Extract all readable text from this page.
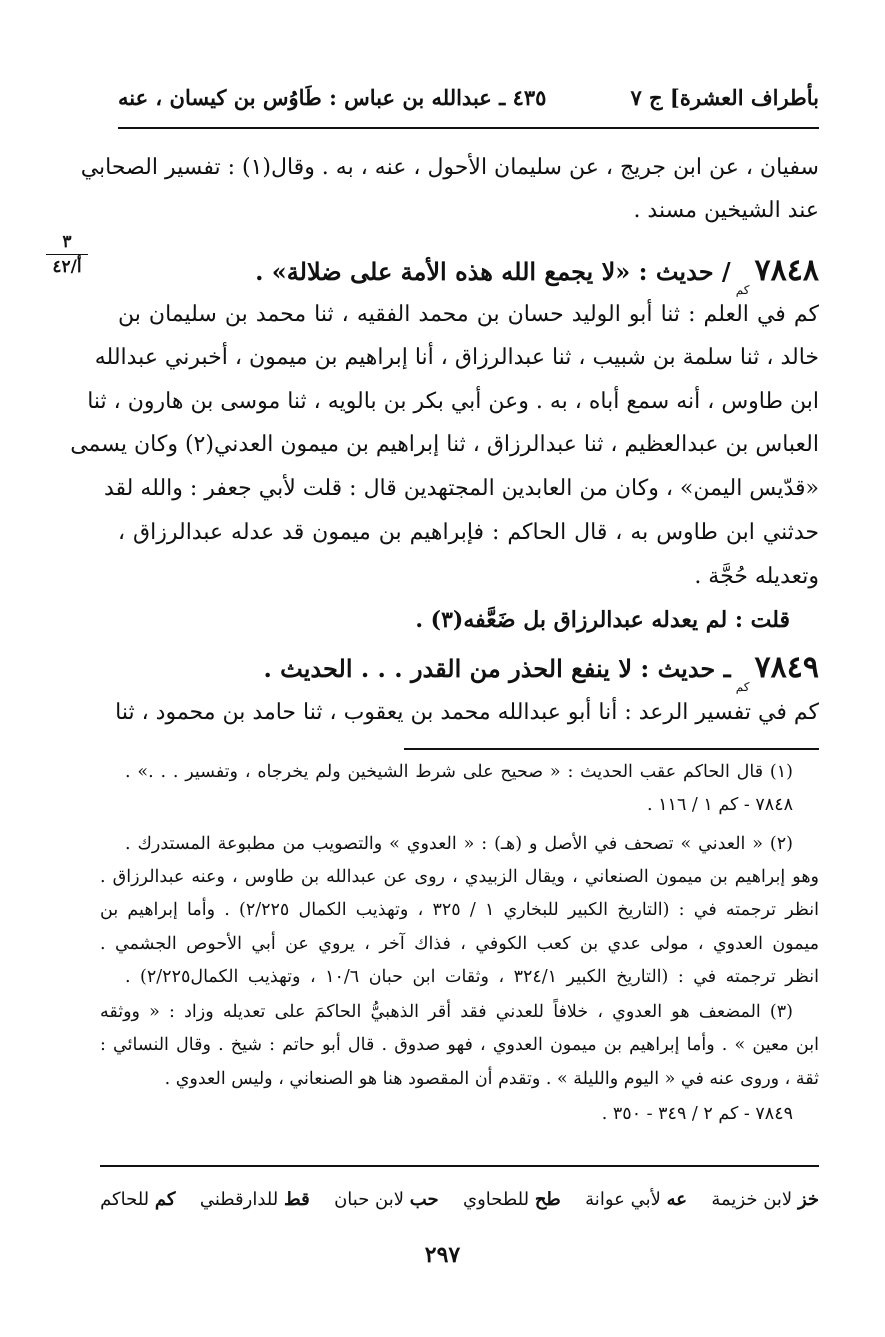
بأطراف العشرة] ج ٧
٤٣٥ ـ عبدالله بن عباس : طَاوُس بن كيسان ، عنه
سفيان ، عن ابن جريج ، عن سليمان الأحول ، عنه ، به . وقال(١) : تفسير الصحابي
عند الشيخين مسند .
٣
أ/٤٢	٧٨٤٨ $_{كم}$ / حديث : «لا يجمع الله هذه الأمة على ضلالة» .
كم في العلم : ثنا أبو الوليد حسان بن محمد الفقيه ، ثنا محمد بن سليمان بن
خالد ، ثنا سلمة بن شبيب ، ثنا عبدالرزاق ، أنا إبراهيم بن ميمون ، أخبرني عبدالله
ابن طاوس ، أنه سمع أباه ، به . وعن أبي بكر بن بالويه ، ثنا موسى بن هارون ، ثنا
العباس بن عبدالعظيم ، ثنا عبدالرزاق ، ثنا إبراهيم بن ميمون العدني(٢) وكان يسمى
«قدّيس اليمن» ، وكان من العابدين المجتهدين قال : قلت لأبي جعفر : والله لقد
حدثني ابن طاوس به ، قال الحاكم : فإبراهيم بن ميمون قد عدله عبدالرزاق ،
وتعديله حُجَّة .
قلت : لم يعدله عبدالرزاق بل ضَعَّفه(٣) .
٧٨٤٩ $_{كم}$ ـ حديث : لا ينفع الحذر من القدر . . . الحديث .
كم في تفسير الرعد : أنا أبو عبدالله محمد بن يعقوب ، ثنا حامد بن محمود ، ثنا
(١) قال الحاكم عقب الحديث : « صحيح على شرط الشيخين ولم يخرجاه ، وتفسير . . .» .
٧٨٤٨ - كم ١ / ١١٦ .
(٢) « العدني » تصحف في الأصل و (هـ) : « العدوي » والتصويب من مطبوعة المستدرك .
وهو إبراهيم بن ميمون الصنعاني ، ويقال الزبيدي ، روى عن عبدالله بن طاوس ، وعنه عبدالرزاق .
انظر ترجمته في : (التاريخ الكبير للبخاري ١ / ٣٢٥ ، وتهذيب الكمال ٢/٢٢٥) . وأما إبراهيم بن
ميمون العدوي ، مولى عدي بن كعب الكوفي ، فذاك آخر ، يروي عن أبي الأحوص الجشمي .
انظر ترجمته في : (التاريخ الكبير ٣٢٤/١ ، وثقات ابن حبان ١٠/٦ ، وتهذيب الكمال٢/٢٢٥) .
(٣) المضعف هو العدوي ، خلافاً للعدني فقد أقر الذهبيُّ الحاكمَ على تعديله وزاد : « ووثقه
ابن معين » . وأما إبراهيم بن ميمون العدوي ، فهو صدوق . قال أبو حاتم : شيخ . وقال النسائي :
ثقة ، وروى عنه في « اليوم والليلة » . وتقدم أن المقصود هنا هو الصنعاني ، وليس العدوي .
٧٨٤٩ - كم ٢ / ٣٤٩ - ٣٥٠ .
خز لابن خزيمة
عه لأبي عوانة
طح للطحاوي
حب لابن حبان
قط للدارقطني
كم للحاكم
٢٩٧
